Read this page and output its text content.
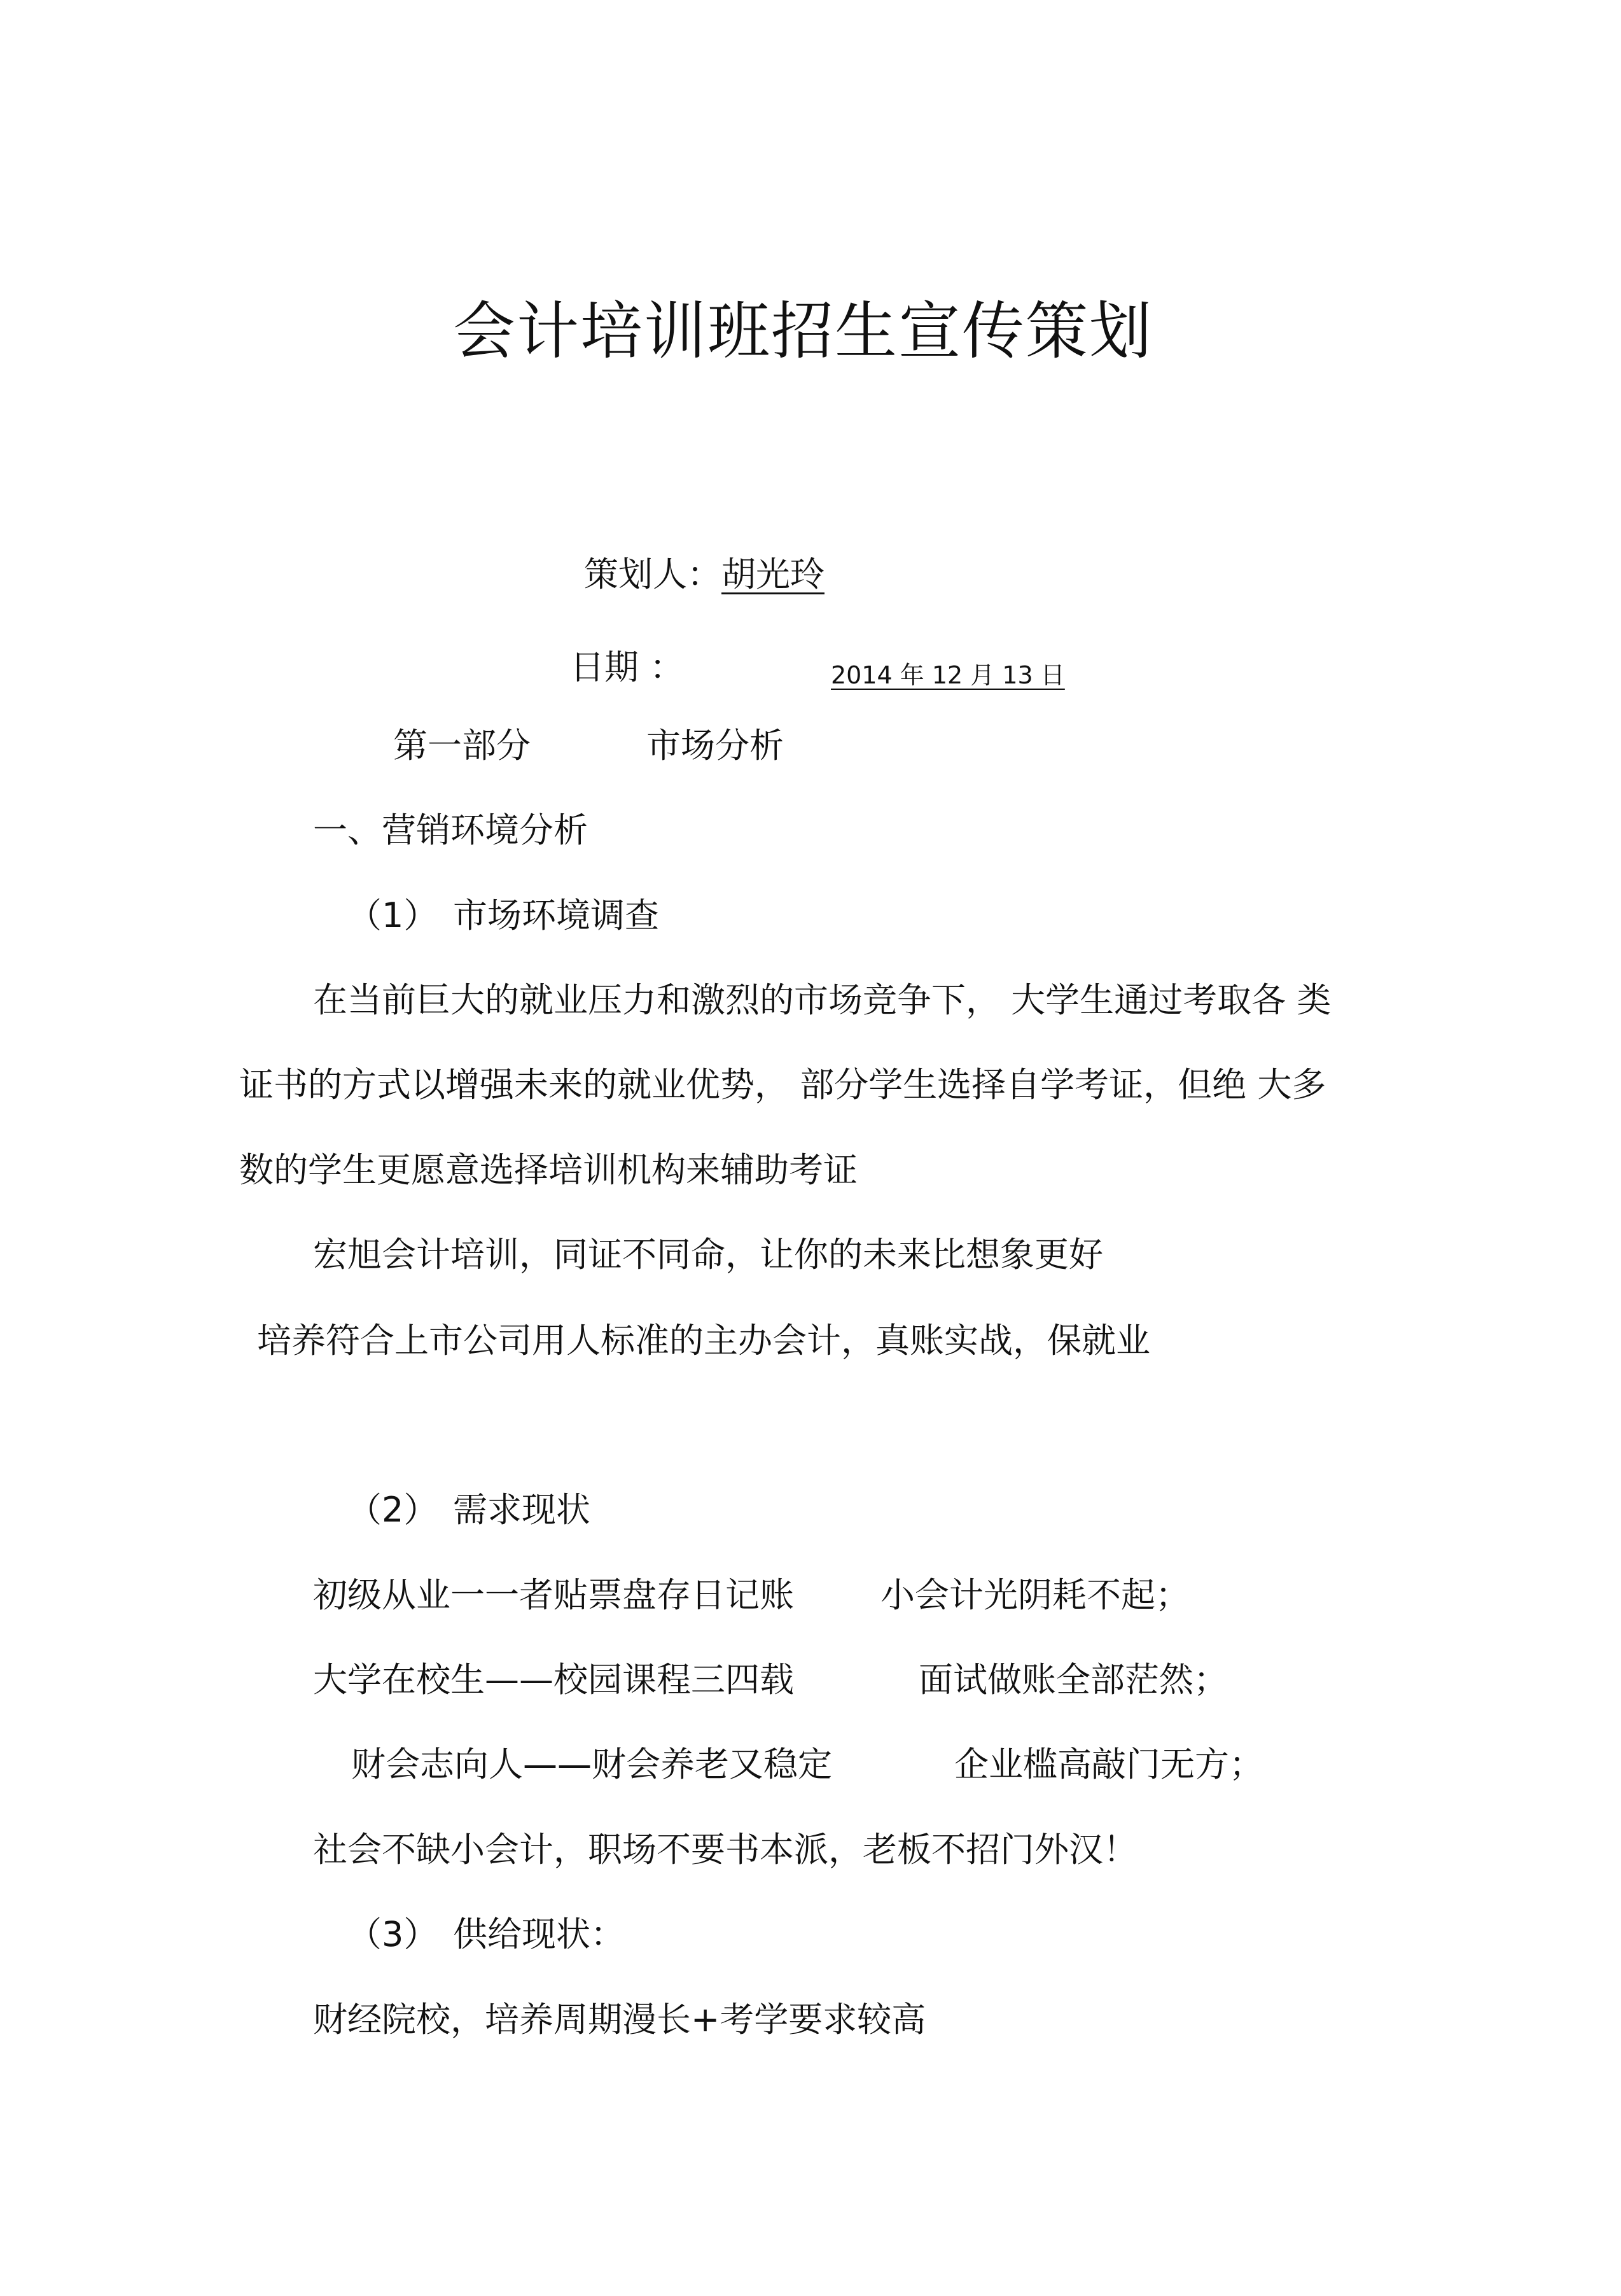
会计培训班招生宣传策划
策划人：胡光玲
日期 ：	2014 年 12 月 13 日
第一部分	市场分析
一、营销环境分析
（1） 市场环境调查
在当前巨大的就业压力和激烈的市场竞争下， 大学生通过考取各 类
证书的方式以增强未来的就业优势， 部分学生选择自学考证，但绝 大多
数的学生更愿意选择培训机构来辅助考证
宏旭会计培训，同证不同命，让你的未来比想象更好
培养符合上市公司用人标准的主办会计，真账实战，保就业
（2） 需求现状
初级从业一一者贴票盘存日记账	小会计光阴耗不起；
大学在校生——校园课程三四载	面试做账全部茫然；
财会志向人——财会养老又稳定	企业槛高敲门无方；
社会不缺小会计，职场不要书本派，老板不招门外汉！
（3） 供给现状：
财经院校，培养周期漫长+考学要求较高
